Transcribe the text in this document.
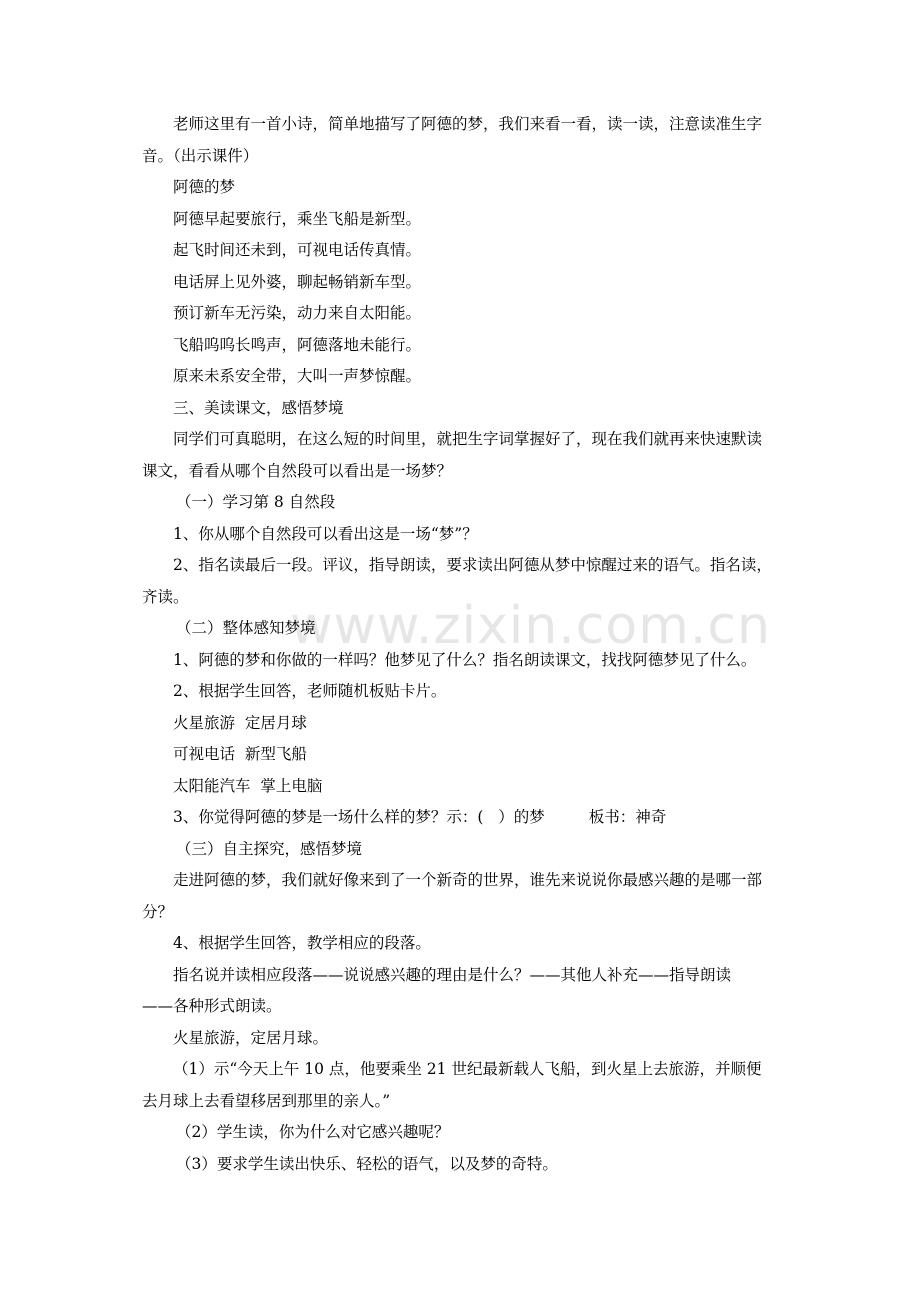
www.zixin.com.cn

老师这里有一首小诗，简单地描写了阿德的梦，我们来看一看，读一读，注意读准生字

音。（出示课件）

阿德的梦

阿德早起要旅行，乘坐飞船是新型。

起飞时间还未到，可视电话传真情。

电话屏上见外婆，聊起畅销新车型。

预订新车无污染，动力来自太阳能。

飞船呜呜长鸣声，阿德落地未能行。

原来未系安全带，大叫一声梦惊醒。

三、美读课文，感悟梦境

同学们可真聪明，在这么短的时间里，就把生字词掌握好了，现在我们就再来快速默读

课文，看看从哪个自然段可以看出是一场梦？

（一）学习第 8 自然段

1、你从哪个自然段可以看出这是一场“梦”？

2、指名读最后一段。评议，指导朗读，要求读出阿德从梦中惊醒过来的语气。指名读，

齐读。

（二）整体感知梦境

1、阿德的梦和你做的一样吗？他梦见了什么？指名朗读课文，找找阿德梦见了什么。

2、根据学生回答，老师随机板贴卡片。

火星旅游  定居月球

可视电话  新型飞船

太阳能汽车  掌上电脑

3、你觉得阿德的梦是一场什么样的梦？示：(   ）的梦	板书：神奇

（三）自主探究，感悟梦境

走进阿德的梦，我们就好像来到了一个新奇的世界，谁先来说说你最感兴趣的是哪一部

分？

4、根据学生回答，教学相应的段落。

指名说并读相应段落——说说感兴趣的理由是什么？——其他人补充——指导朗读

——各种形式朗读。

火星旅游，定居月球。

（1）示“今天上午 10 点，他要乘坐 21 世纪最新载人飞船，到火星上去旅游，并顺便

去月球上去看望移居到那里的亲人。”

（2）学生读，你为什么对它感兴趣呢？

（3）要求学生读出快乐、轻松的语气，以及梦的奇特。
